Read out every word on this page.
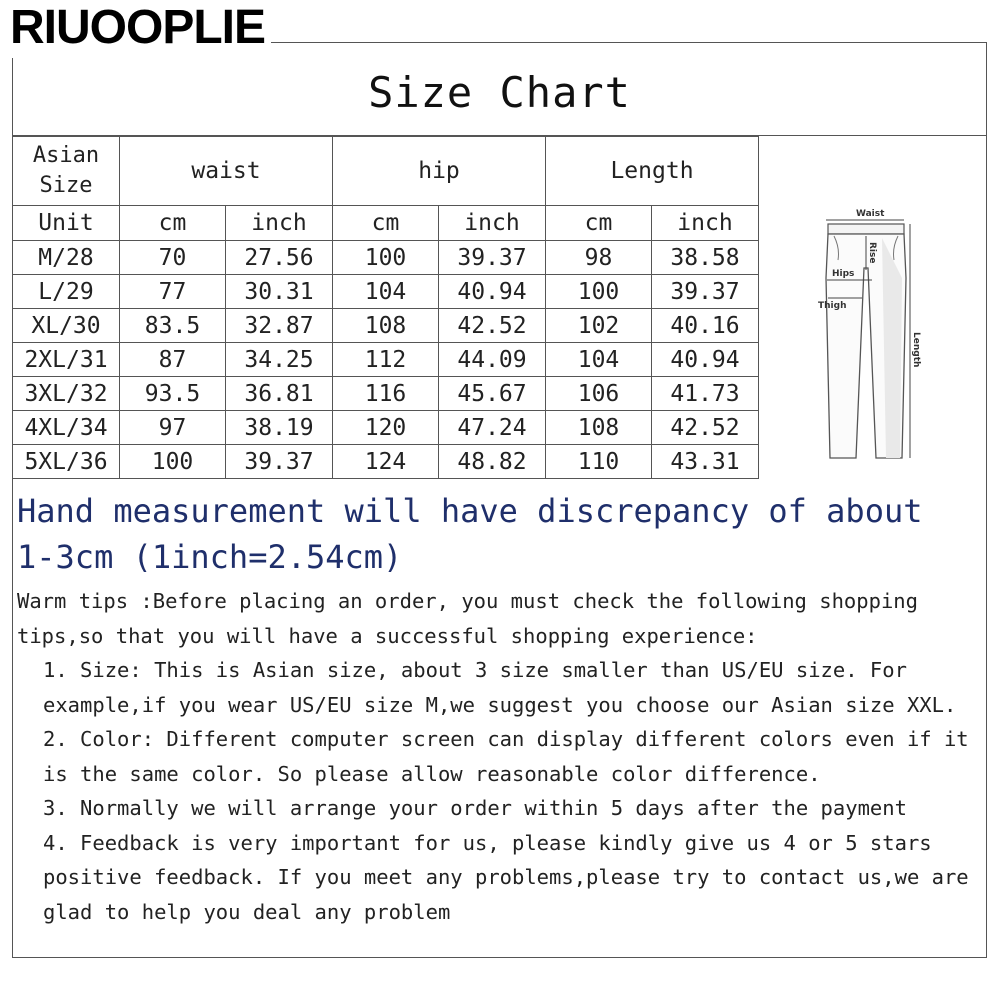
RIUOOPLIE
Size Chart
Asian
Size	waist		hip		Length	
Unit	cm	inch	cm	inch	cm	inch
M/28	70	27.56	100	39.37	98	38.58
L/29	77	30.31	104	40.94	100	39.37
XL/30	83.5	32.87	108	42.52	102	40.16
2XL/31	87	34.25	112	44.09	104	40.94
3XL/32	93.5	36.81	116	45.67	106	41.73
4XL/34	97	38.19	120	47.24	108	42.52
5XL/36	100	39.37	124	48.82	110	43.31
Waist
Rise
Hips
Thigh
Length
Hand measurement will have discrepancy of about 1-3cm (1inch=2.54cm)

Warm tips :Before placing an order, you must check the following shopping tips,so that you will have a successful shopping experience:

1. Size: This is Asian size, about 3 size smaller than US/EU size. For example,if you wear US/EU size M,we suggest you choose our Asian size XXL.

2. Color: Different computer screen can display different colors even if it is the same color. So please allow reasonable color difference.

3. Normally we will arrange your order within 5 days after the payment

4. Feedback is very important for us, please kindly give us 4 or 5 stars positive feedback. If you meet any problems,please try to contact us,we are glad to help you deal any problem
